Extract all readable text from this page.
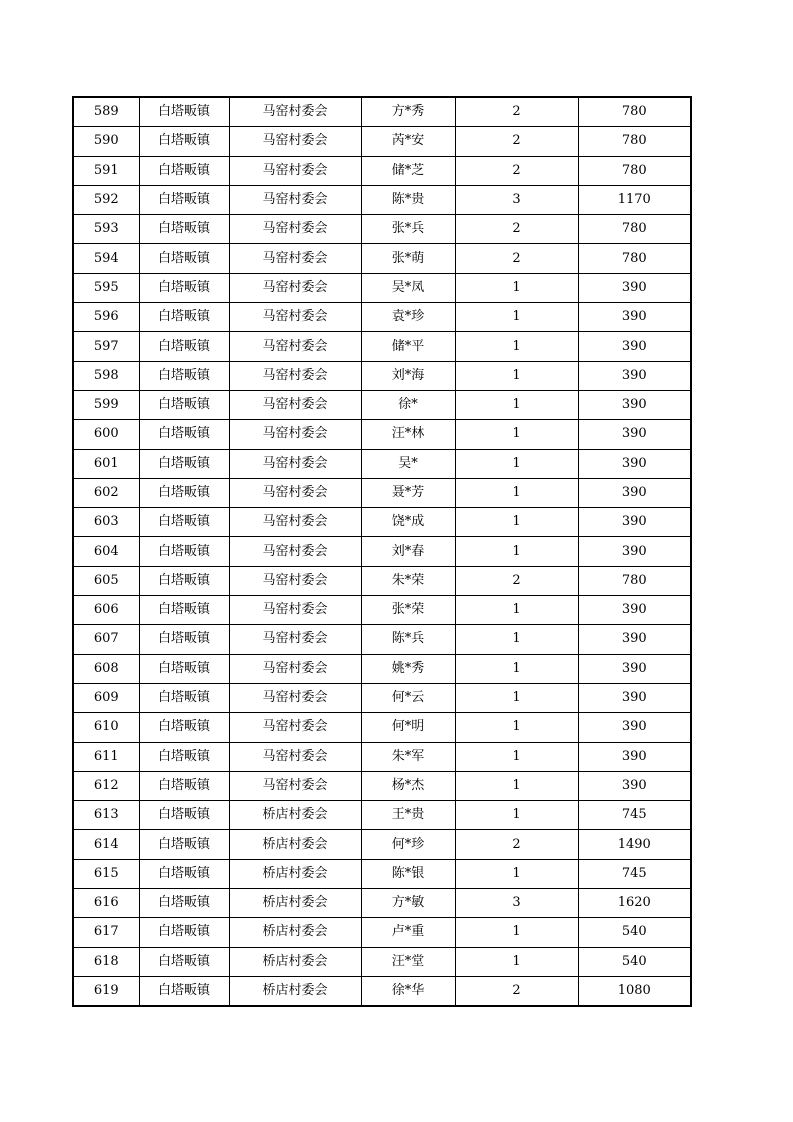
589	白塔畈镇	马窑村委会	方*秀	2	780
590	白塔畈镇	马窑村委会	芮*安	2	780
591	白塔畈镇	马窑村委会	储*芝	2	780
592	白塔畈镇	马窑村委会	陈*贵	3	1170
593	白塔畈镇	马窑村委会	张*兵	2	780
594	白塔畈镇	马窑村委会	张*萌	2	780
595	白塔畈镇	马窑村委会	吴*凤	1	390
596	白塔畈镇	马窑村委会	袁*珍	1	390
597	白塔畈镇	马窑村委会	储*平	1	390
598	白塔畈镇	马窑村委会	刘*海	1	390
599	白塔畈镇	马窑村委会	徐*	1	390
600	白塔畈镇	马窑村委会	汪*林	1	390
601	白塔畈镇	马窑村委会	吴*	1	390
602	白塔畈镇	马窑村委会	聂*芳	1	390
603	白塔畈镇	马窑村委会	饶*成	1	390
604	白塔畈镇	马窑村委会	刘*春	1	390
605	白塔畈镇	马窑村委会	朱*荣	2	780
606	白塔畈镇	马窑村委会	张*荣	1	390
607	白塔畈镇	马窑村委会	陈*兵	1	390
608	白塔畈镇	马窑村委会	姚*秀	1	390
609	白塔畈镇	马窑村委会	何*云	1	390
610	白塔畈镇	马窑村委会	何*明	1	390
611	白塔畈镇	马窑村委会	朱*军	1	390
612	白塔畈镇	马窑村委会	杨*杰	1	390
613	白塔畈镇	桥店村委会	王*贵	1	745
614	白塔畈镇	桥店村委会	何*珍	2	1490
615	白塔畈镇	桥店村委会	陈*银	1	745
616	白塔畈镇	桥店村委会	方*敏	3	1620
617	白塔畈镇	桥店村委会	卢*重	1	540
618	白塔畈镇	桥店村委会	汪*堂	1	540
619	白塔畈镇	桥店村委会	徐*华	2	1080
